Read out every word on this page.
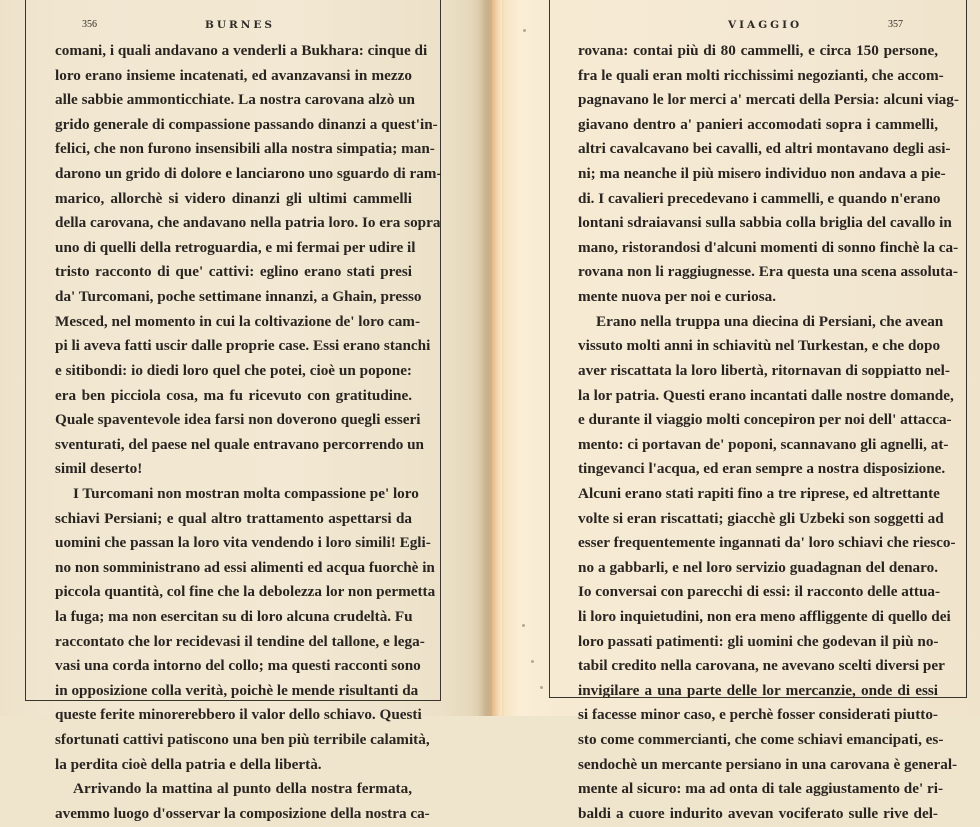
356	BURNES	VIAGGIO	357
comani, i quali andavano a venderli a Bukhara: cinque di
loro erano insieme incatenati, ed avanzavansi in mezzo
alle sabbie ammonticchiate. La nostra carovana alzò un
grido generale di compassione passando dinanzi a quest'in-
felici, che non furono insensibili alla nostra simpatia; man-
darono un grido di dolore e lanciarono uno sguardo di ram-
marico, allorchè si videro dinanzi gli ultimi cammelli
della carovana, che andavano nella patria loro. Io era sopra
uno di quelli della retroguardia, e mi fermai per udire il
tristo racconto di que' cattivi: eglino erano stati presi
da' Turcomani, poche settimane innanzi, a Ghain, presso
Mesced, nel momento in cui la coltivazione de' loro cam-
pi li aveva fatti uscir dalle proprie case. Essi erano stanchi
e sitibondi: io diedi loro quel che potei, cioè un popone:
era ben picciola cosa, ma fu ricevuto con gratitudine.
Quale spaventevole idea farsi non doverono quegli esseri
sventurati, del paese nel quale entravano percorrendo un
simil deserto!
I Turcomani non mostran molta compassione pe' loro
schiavi Persiani; e qual altro trattamento aspettarsi da
uomini che passan la loro vita vendendo i loro simili! Egli-
no non somministrano ad essi alimenti ed acqua fuorchè in
piccola quantità, col fine che la debolezza lor non permetta
la fuga; ma non esercitan su di loro alcuna crudeltà. Fu
raccontato che lor recidevasi il tendine del tallone, e lega-
vasi una corda intorno del collo; ma questi racconti sono
in opposizione colla verità, poichè le mende risultanti da
queste ferite minorerebbero il valor dello schiavo. Questi
sfortunati cattivi patiscono una ben più terribile calamità,
la perdita cioè della patria e della libertà.
Arrivando la mattina al punto della nostra fermata,
avemmo luogo d'osservar la composizione della nostra ca-
rovana: contai più di 80 cammelli, e circa 150 persone,
fra le quali eran molti ricchissimi negozianti, che accom-
pagnavano le lor merci a' mercati della Persia: alcuni viag-
giavano dentro a' panieri accomodati sopra i cammelli,
altri cavalcavano bei cavalli, ed altri montavano degli asi-
ni; ma neanche il più misero individuo non andava a pie-
di. I cavalieri precedevano i cammelli, e quando n'erano
lontani sdraiavansi sulla sabbia colla briglia del cavallo in
mano, ristorandosi d'alcuni momenti di sonno finchè la ca-
rovana non li raggiugnesse. Era questa una scena assoluta-
mente nuova per noi e curiosa.
Erano nella truppa una diecina di Persiani, che avean
vissuto molti anni in schiavitù nel Turkestan, e che dopo
aver riscattata la loro libertà, ritornavan di soppiatto nel-
la lor patria. Questi erano incantati dalle nostre domande,
e durante il viaggio molti concepiron per noi dell' attacca-
mento: ci portavan de' poponi, scannavano gli agnelli, at-
tingevanci l'acqua, ed eran sempre a nostra disposizione.
Alcuni erano stati rapiti fino a tre riprese, ed altrettante
volte si eran riscattati; giacchè gli Uzbeki son soggetti ad
esser frequentemente ingannati da' loro schiavi che riesco-
no a gabbarli, e nel loro servizio guadagnan del denaro.
Io conversai con parecchi di essi: il racconto delle attua-
li loro inquietudini, non era meno affliggente di quello dei
loro passati patimenti: gli uomini che godevan il più no-
tabil credito nella carovana, ne avevano scelti diversi per
invigilare a una parte delle lor mercanzie, onde di essi
si facesse minor caso, e perchè fosser considerati piutto-
sto come commercianti, che come schiavi emancipati, es-
sendochè un mercante persiano in una carovana è general-
mente al sicuro: ma ad onta di tale aggiustamento de' ri-
baldi a cuore indurito avevan vociferato sulle rive del-
